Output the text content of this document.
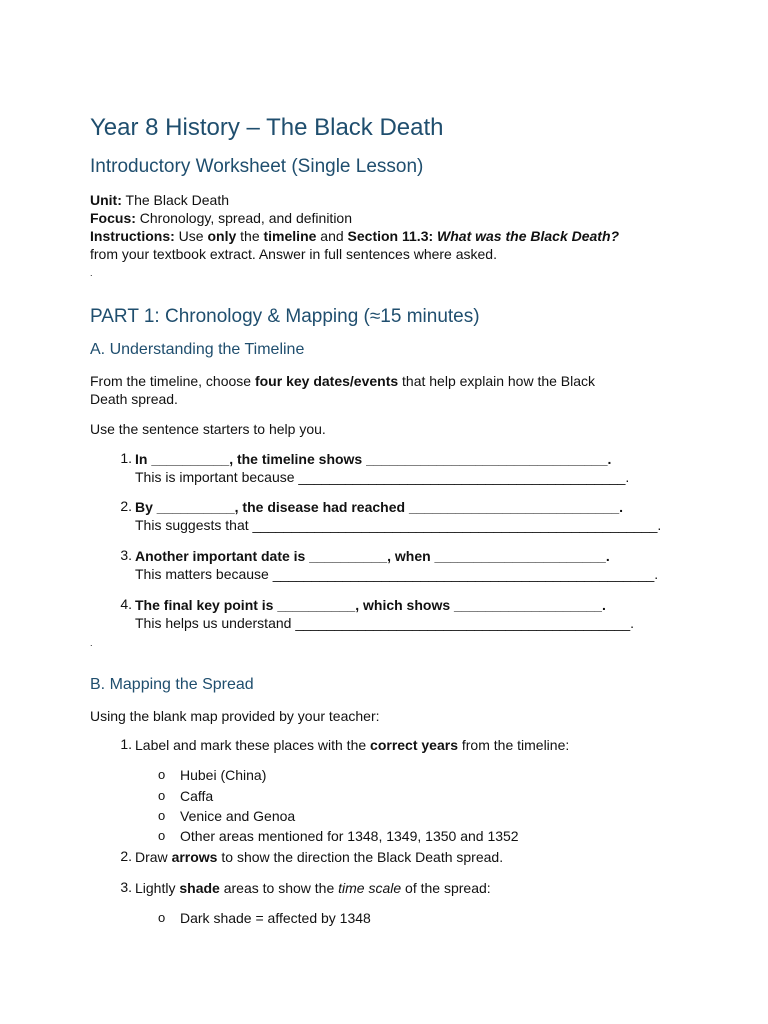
Year 8 History – The Black Death
Introductory Worksheet (Single Lesson)
Unit: The Black Death
Focus: Chronology, spread, and definition
Instructions: Use only the timeline and Section 11.3: What was the Black Death?
from your textbook extract. Answer in full sentences where asked.
.
PART 1: Chronology & Mapping (≈15 minutes)
A. Understanding the Timeline
From the timeline, choose four key dates/events that help explain how the Black
Death spread.
Use the sentence starters to help you.
1. In __________, the timeline shows _______________________________.
This is important because __________________________________________.
2. By __________, the disease had reached ___________________________.
This suggests that ____________________________________________________.
3. Another important date is __________, when ______________________.
This matters because _________________________________________________.
4. The final key point is __________, which shows ___________________.
This helps us understand ___________________________________________.
.
B. Mapping the Spread
Using the blank map provided by your teacher:
1. Label and mark these places with the correct years from the timeline:
o Hubei (China)
o Caffa
o Venice and Genoa
o Other areas mentioned for 1348, 1349, 1350 and 1352
2. Draw arrows to show the direction the Black Death spread.
3. Lightly shade areas to show the time scale of the spread:
o Dark shade = affected by 1348
